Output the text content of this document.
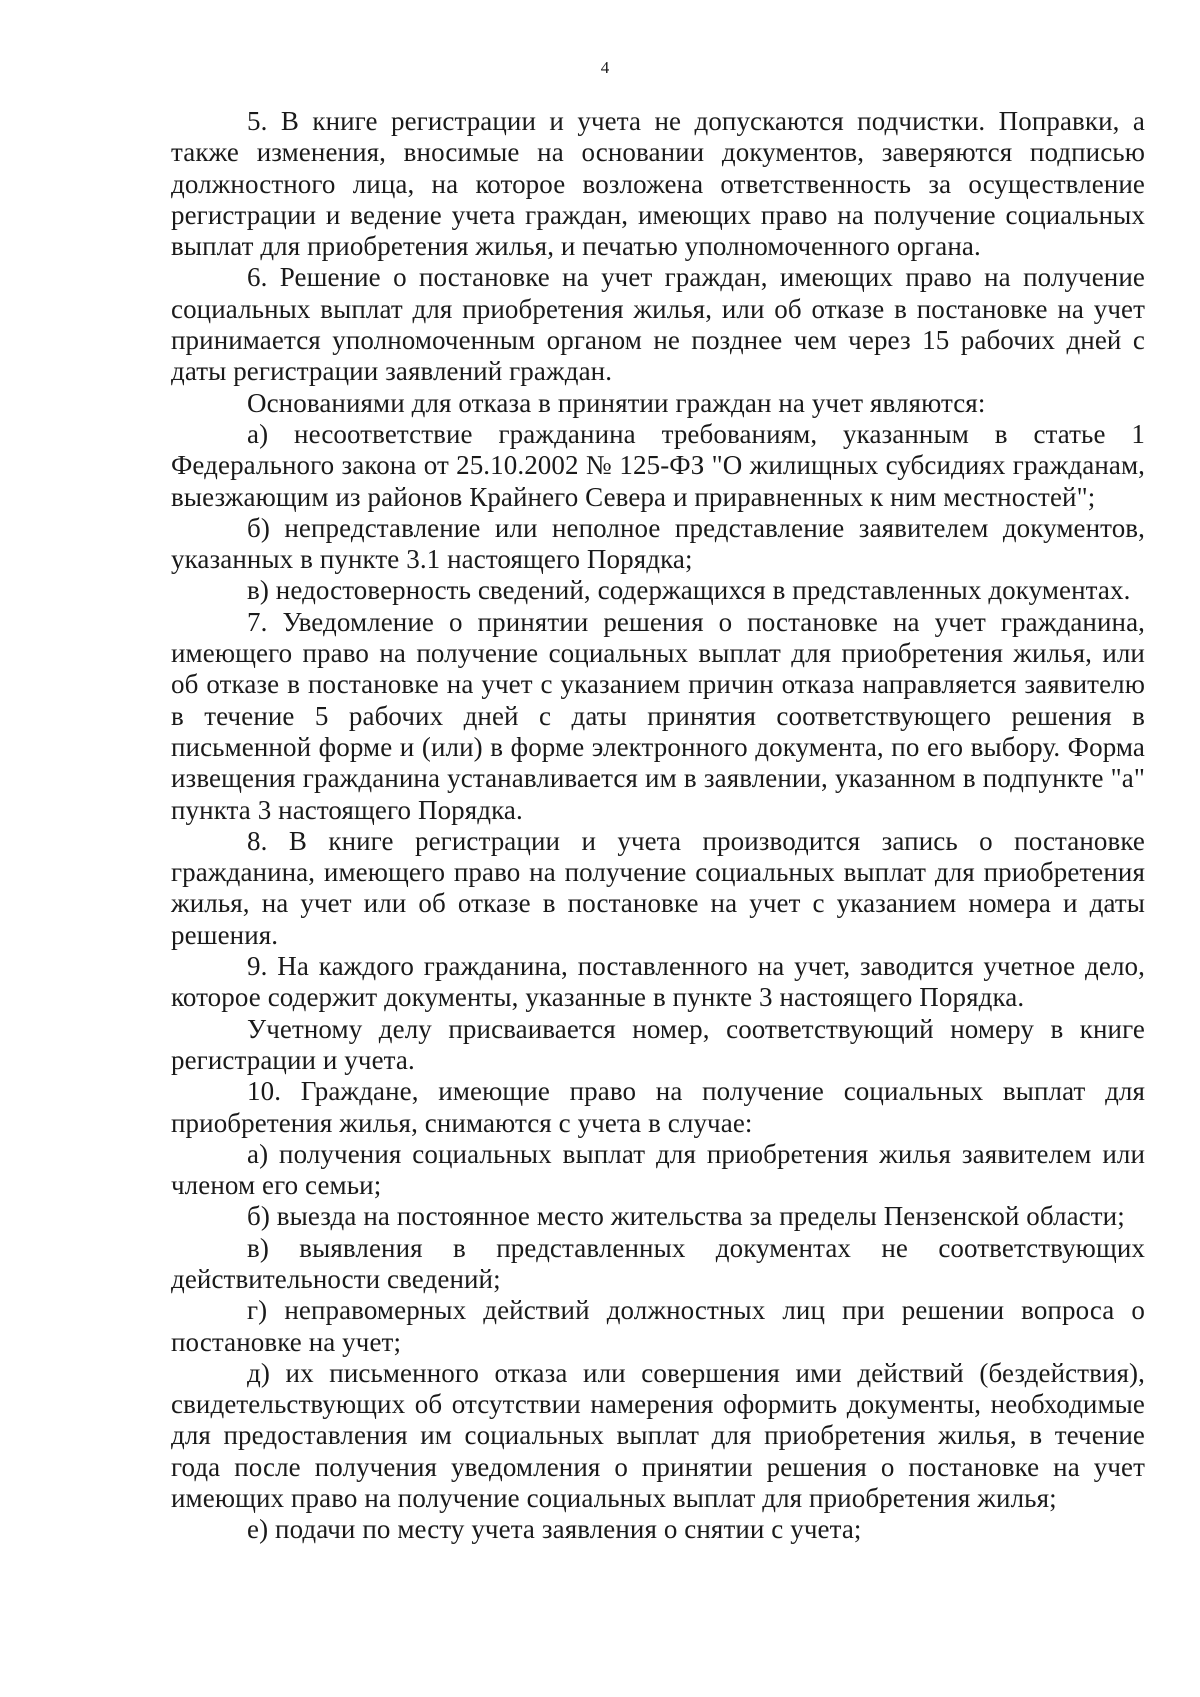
4

5. В книге регистрации и учета не допускаются подчистки. Поправки, а также изменения, вносимые на основании документов, заверяются подписью должностного лица, на которое возложена ответственность за осуществление регистрации и ведение учета граждан, имеющих право на получение социальных выплат для приобретения жилья, и печатью уполномоченного органа.

6. Решение о постановке на учет граждан, имеющих право на получение социальных выплат для приобретения жилья, или об отказе в постановке на учет принимается уполномоченным органом не позднее чем через 15 рабочих дней с даты регистрации заявлений граждан.

Основаниями для отказа в принятии граждан на учет являются:

а) несоответствие гражданина требованиям, указанным в статье 1 Федерального закона от 25.10.2002 № 125-ФЗ "О жилищных субсидиях гражданам, выезжающим из районов Крайнего Севера и приравненных к ним местностей";

б) непредставление или неполное представление заявителем документов, указанных в пункте 3.1 настоящего Порядка;

в) недостоверность сведений, содержащихся в представленных документах.

7. Уведомление о принятии решения о постановке на учет гражданина, имеющего право на получение социальных выплат для приобретения жилья, или об отказе в постановке на учет с указанием причин отказа направляется заявителю в течение 5 рабочих дней с даты принятия соответствующего решения в письменной форме и (или) в форме электронного документа, по его выбору. Форма извещения гражданина устанавливается им в заявлении, указанном в подпункте "а" пункта 3 настоящего Порядка.

8. В книге регистрации и учета производится запись о постановке гражданина, имеющего право на получение социальных выплат для приобретения жилья, на учет или об отказе в постановке на учет с указанием номера и даты решения.

9. На каждого гражданина, поставленного на учет, заводится учетное дело, которое содержит документы, указанные в пункте 3 настоящего Порядка.

Учетному делу присваивается номер, соответствующий номеру в книге регистрации и учета.

10. Граждане, имеющие право на получение социальных выплат для приобретения жилья, снимаются с учета в случае:

а) получения социальных выплат для приобретения жилья заявителем или членом его семьи;

б) выезда на постоянное место жительства за пределы Пензенской области;

в) выявления в представленных документах не соответствующих действительности сведений;

г) неправомерных действий должностных лиц при решении вопроса о постановке на учет;

д) их письменного отказа или совершения ими действий (бездействия), свидетельствующих об отсутствии намерения оформить документы, необходимые для предоставления им социальных выплат для приобретения жилья, в течение года после получения уведомления о принятии решения о постановке на учет имеющих право на получение социальных выплат для приобретения жилья;

е) подачи по месту учета заявления о снятии с учета;
